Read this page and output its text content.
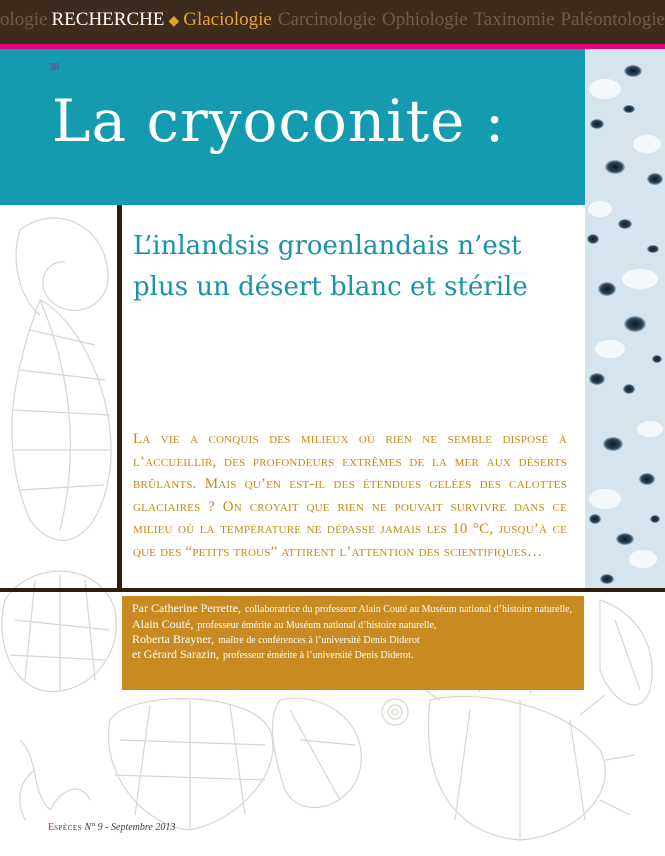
ologie RECHERCHE ◆ Glaciologie Carcinologie Ophiologie Taxinomie Paléontologie
38
La cryoconite :
L’inlandsis groenlandais n’est plus un désert blanc et stérile
La vie a conquis des milieux où rien ne semble disposé à l’accueillir, des profondeurs extrêmes de la mer aux déserts brûlants. Mais qu’en est-il des étendues gelées des calottes glaciaires ? On croyait que rien ne pouvait survivre dans ce milieu où la température ne dépasse jamais les 10 °C, jusqu’à ce que des “petits trous” attirent l’attention des scientifiques…

Par Catherine Perrette, collaboratrice du professeur Alain Couté au Muséum national d’histoire naturelle,

Alain Couté, professeur émérite au Muséum national d’histoire naturelle,

Roberta Brayner, maître de conférences à l’université Denis Diderot

et Gérard Sarazin, professeur émérite à l’université Denis Diderot.

Espèces N° 9 - Septembre 2013
